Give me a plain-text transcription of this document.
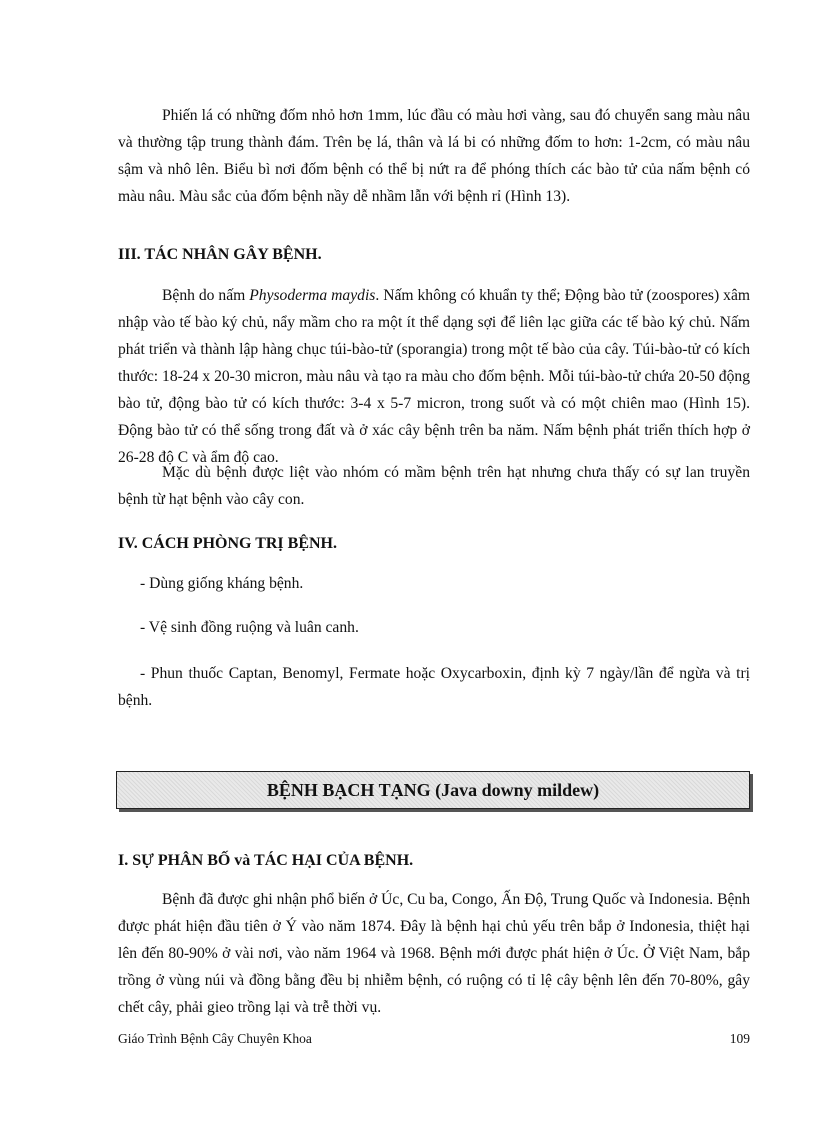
Phiến lá có những đốm nhỏ hơn 1mm, lúc đầu có màu hơi vàng, sau đó chuyển sang màu nâu và thường tập trung thành đám. Trên bẹ lá, thân và lá bi có những đốm to hơn: 1-2cm, có màu nâu sậm và nhô lên. Biểu bì nơi đốm bệnh có thể bị nứt ra để phóng thích các bào tử của nấm bệnh có màu nâu. Màu sắc của đốm bệnh nầy dễ nhầm lẫn với bệnh rỉ (Hình 13).

III. TÁC NHÂN GÂY BỆNH.

Bệnh do nấm Physoderma maydis. Nấm không có khuẩn ty thể; Động bào tử (zoospores) xâm nhập vào tế bào ký chủ, nẩy mầm cho ra một ít thể dạng sợi để liên lạc giữa các tế bào ký chủ. Nấm phát triển và thành lập hàng chục túi-bào-tử (sporangia) trong một tế bào của cây. Túi-bào-tử có kích thước: 18-24 x 20-30 micron, màu nâu và tạo ra màu cho đốm bệnh. Mỗi túi-bào-tử chứa 20-50 động bào tử, động bào tử có kích thước: 3-4 x 5-7 micron, trong suốt và có một chiên mao (Hình 15). Động bào tử có thể sống trong đất và ở xác cây bệnh trên ba năm. Nấm bệnh phát triển thích hợp ở 26-28 độ C và ẩm độ cao.

Mặc dù bệnh được liệt vào nhóm có mầm bệnh trên hạt nhưng chưa thấy có sự lan truyền bệnh từ hạt bệnh vào cây con.

IV. CÁCH PHÒNG TRỊ BỆNH.

- Dùng giống kháng bệnh.

- Vệ sinh đồng ruộng và luân canh.

- Phun thuốc Captan, Benomyl, Fermate hoặc Oxycarboxin, định kỳ 7 ngày/lần để ngừa và trị bệnh.

BỆNH BẠCH TẠNG (Java downy mildew)
I. SỰ PHÂN BỐ và TÁC HẠI CỦA BỆNH.

Bệnh đã được ghi nhận phổ biến ở Úc, Cu ba, Congo, Ấn Độ, Trung Quốc và Indonesia. Bệnh được phát hiện đầu tiên ở Ý vào năm 1874. Đây là bệnh hại chủ yếu trên bắp ở Indonesia, thiệt hại lên đến 80-90% ở vài nơi, vào năm 1964 và 1968. Bệnh mới được phát hiện ở Úc. Ở Việt Nam, bắp trồng ở vùng núi và đồng bằng đều bị nhiễm bệnh, có ruộng có tỉ lệ cây bệnh lên đến 70-80%, gây chết cây, phải gieo trồng lại và trễ thời vụ.

Giáo Trình Bệnh Cây Chuyên Khoa	109
